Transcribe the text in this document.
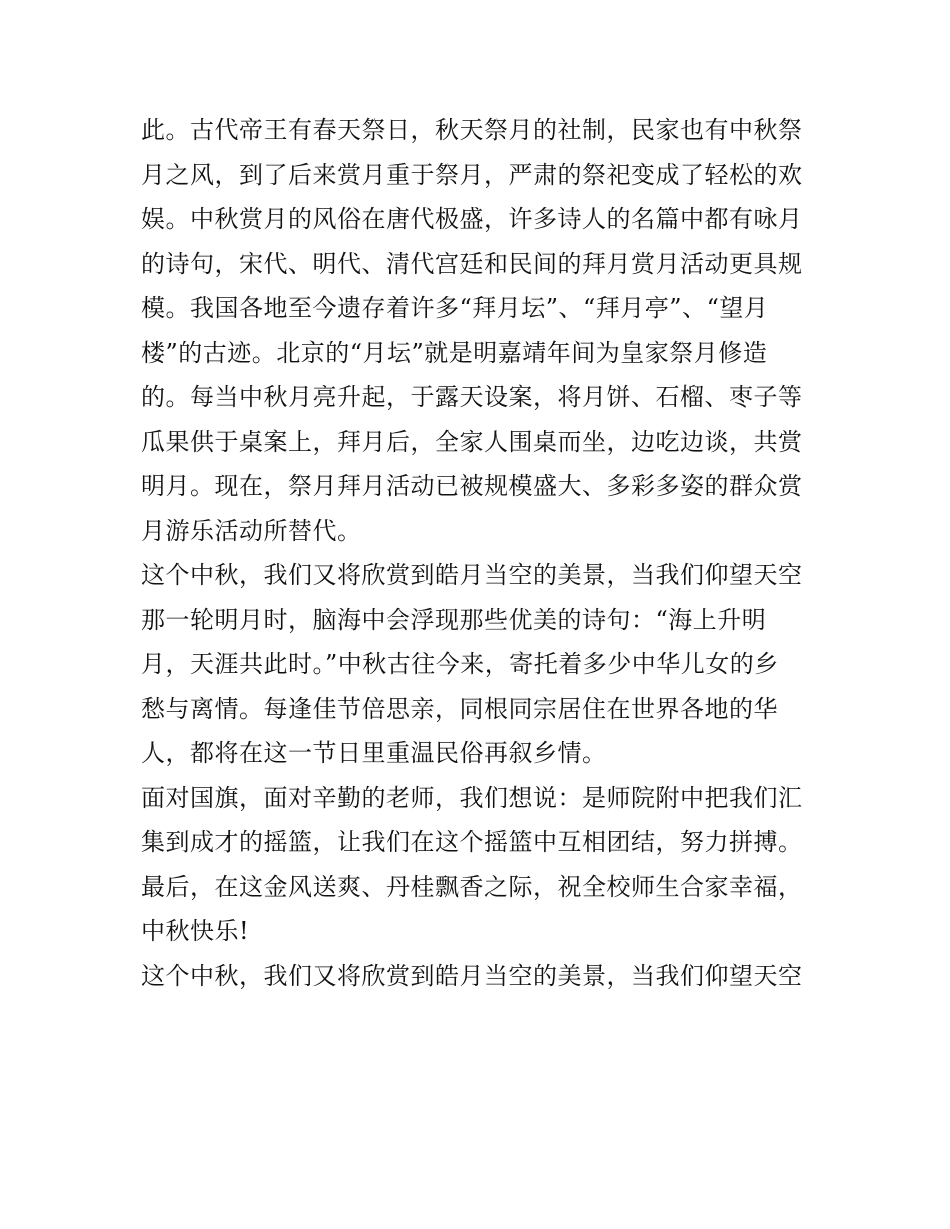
此。古代帝王有春天祭日，秋天祭月的社制，民家也有中秋祭
月之风，到了后来赏月重于祭月，严肃的祭祀变成了轻松的欢
娱。中秋赏月的风俗在唐代极盛，许多诗人的名篇中都有咏月
的诗句，宋代、明代、清代宫廷和民间的拜月赏月活动更具规
模。我国各地至今遗存着许多“拜月坛”、“拜月亭”、“望月
楼”的古迹。北京的“月坛”就是明嘉靖年间为皇家祭月修造
的。每当中秋月亮升起，于露天设案，将月饼、石榴、枣子等
瓜果供于桌案上，拜月后，全家人围桌而坐，边吃边谈，共赏
明月。现在，祭月拜月活动已被规模盛大、多彩多姿的群众赏
月游乐活动所替代。
这个中秋，我们又将欣赏到皓月当空的美景，当我们仰望天空
那一轮明月时，脑海中会浮现那些优美的诗句：“海上升明
月，天涯共此时。”中秋古往今来，寄托着多少中华儿女的乡
愁与离情。每逢佳节倍思亲，同根同宗居住在世界各地的华
人，都将在这一节日里重温民俗再叙乡情。
面对国旗，面对辛勤的老师，我们想说：是师院附中把我们汇
集到成才的摇篮，让我们在这个摇篮中互相团结，努力拼搏。
最后，在这金风送爽、丹桂飘香之际，祝全校师生合家幸福，
中秋快乐!
这个中秋，我们又将欣赏到皓月当空的美景，当我们仰望天空
